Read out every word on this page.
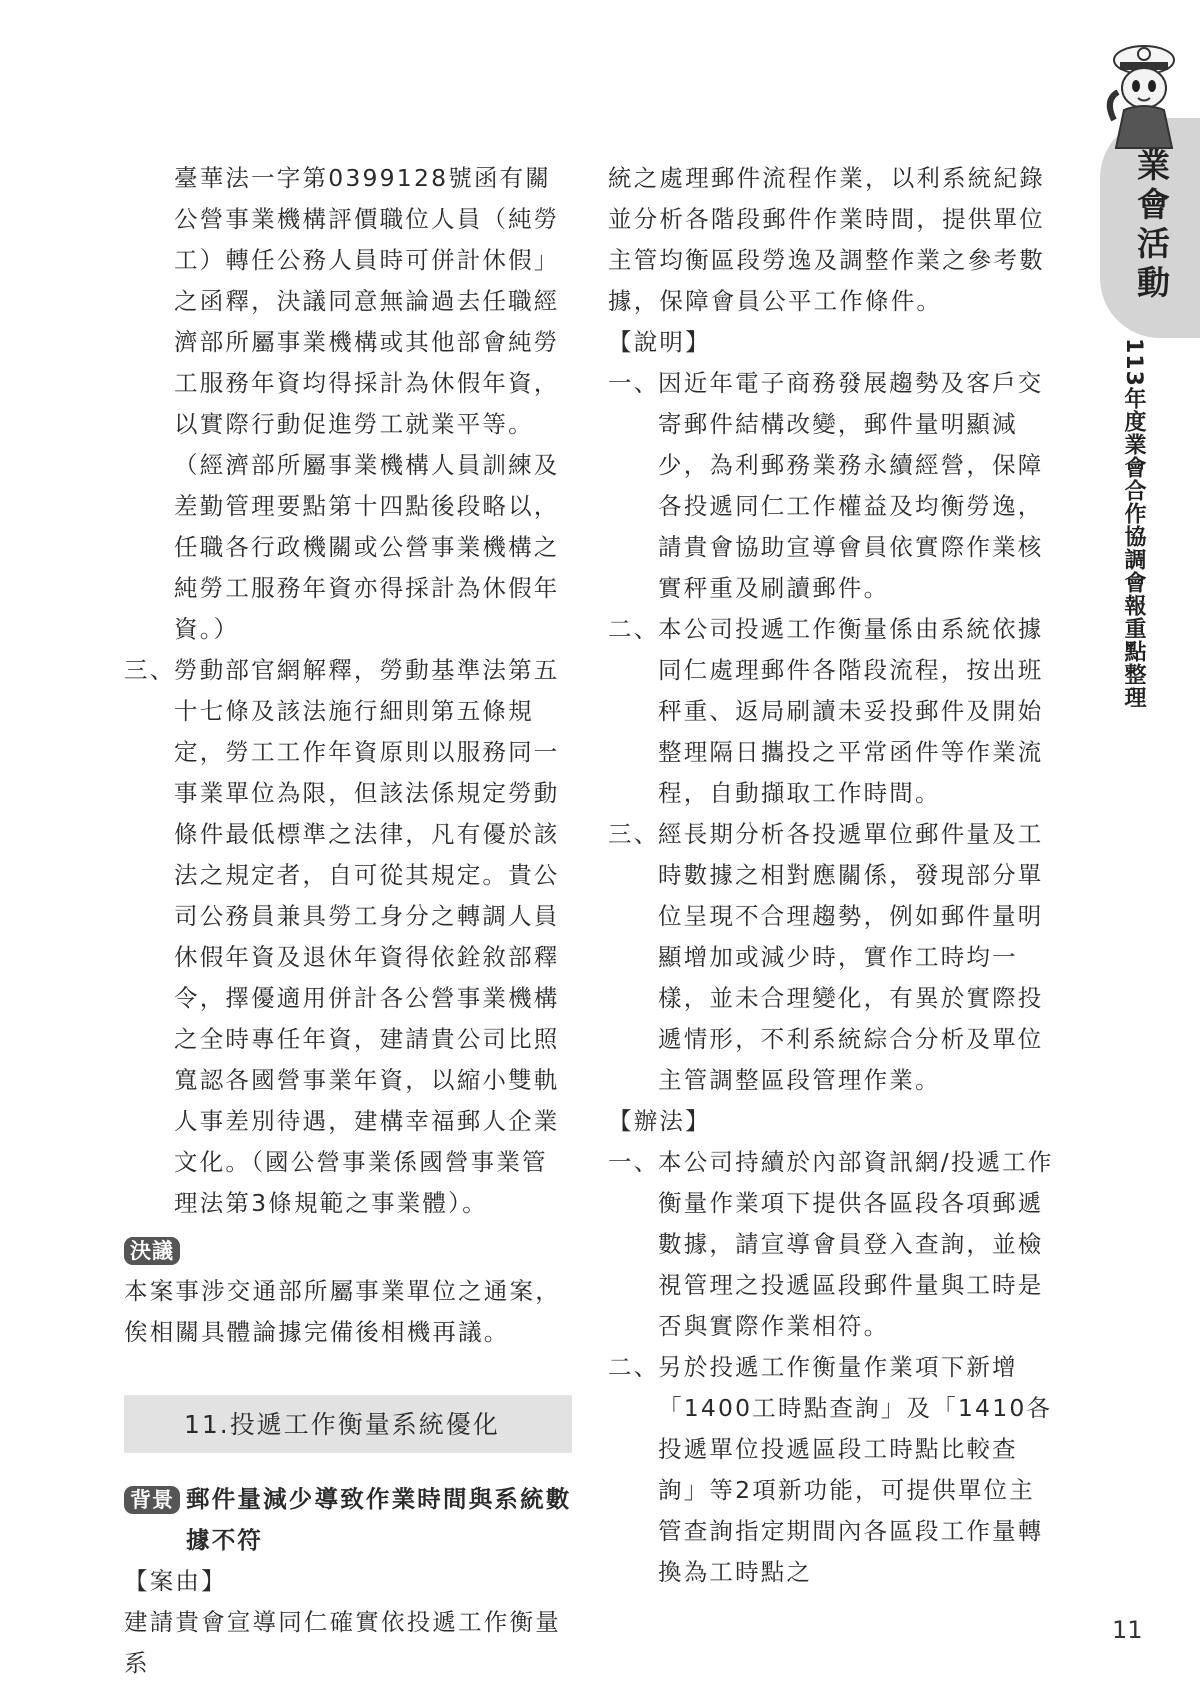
業會活動
113年度業會合作協調會報重點整理

臺華法一字第0399128號函有關公營事業機構評價職位人員（純勞工）轉任公務人員時可併計休假」之函釋，決議同意無論過去任職經濟部所屬事業機構或其他部會純勞工服務年資均得採計為休假年資，以實際行動促進勞工就業平等。（經濟部所屬事業機構人員訓練及差勤管理要點第十四點後段略以，任職各行政機關或公營事業機構之純勞工服務年資亦得採計為休假年資。）

三、
勞動部官網解釋，勞動基準法第五十七條及該法施行細則第五條規定，勞工工作年資原則以服務同一事業單位為限，但該法係規定勞動條件最低標準之法律，凡有優於該法之規定者，自可從其規定。貴公司公務員兼具勞工身分之轉調人員休假年資及退休年資得依銓敘部釋令，擇優適用併計各公營事業機構之全時專任年資，建請貴公司比照寬認各國營事業年資，以縮小雙軌人事差別待遇，建構幸福郵人企業文化。（國公營事業係國營事業管理法第3條規範之事業體）。
決議

本案事涉交通部所屬事業單位之通案，俟相關具體論據完備後相機再議。

11.投遞工作衡量系統優化
背景 郵件量減少導致作業時間與系統數據不符

【案由】

建請貴會宣導同仁確實依投遞工作衡量系

統之處理郵件流程作業，以利系統紀錄並分析各階段郵件作業時間，提供單位主管均衡區段勞逸及調整作業之參考數據，保障會員公平工作條件。

【說明】

一、
因近年電子商務發展趨勢及客戶交寄郵件結構改變，郵件量明顯減少，為利郵務業務永續經營，保障各投遞同仁工作權益及均衡勞逸，請貴會協助宣導會員依實際作業核實秤重及刷讀郵件。
二、
本公司投遞工作衡量係由系統依據同仁處理郵件各階段流程，按出班秤重、返局刷讀未妥投郵件及開始整理隔日攜投之平常函件等作業流程，自動擷取工作時間。
三、
經長期分析各投遞單位郵件量及工時數據之相對應關係，發現部分單位呈現不合理趨勢，例如郵件量明顯增加或減少時，實作工時均一樣，並未合理變化，有異於實際投遞情形，不利系統綜合分析及單位主管調整區段管理作業。

【辦法】

一、
本公司持續於內部資訊網/投遞工作衡量作業項下提供各區段各項郵遞數據，請宣導會員登入查詢，並檢視管理之投遞區段郵件量與工時是否與實際作業相符。
二、
另於投遞工作衡量作業項下新增「1400工時點查詢」及「1410各投遞單位投遞區段工時點比較查詢」等2項新功能，可提供單位主管查詢指定期間內各區段工作量轉換為工時點之
11
